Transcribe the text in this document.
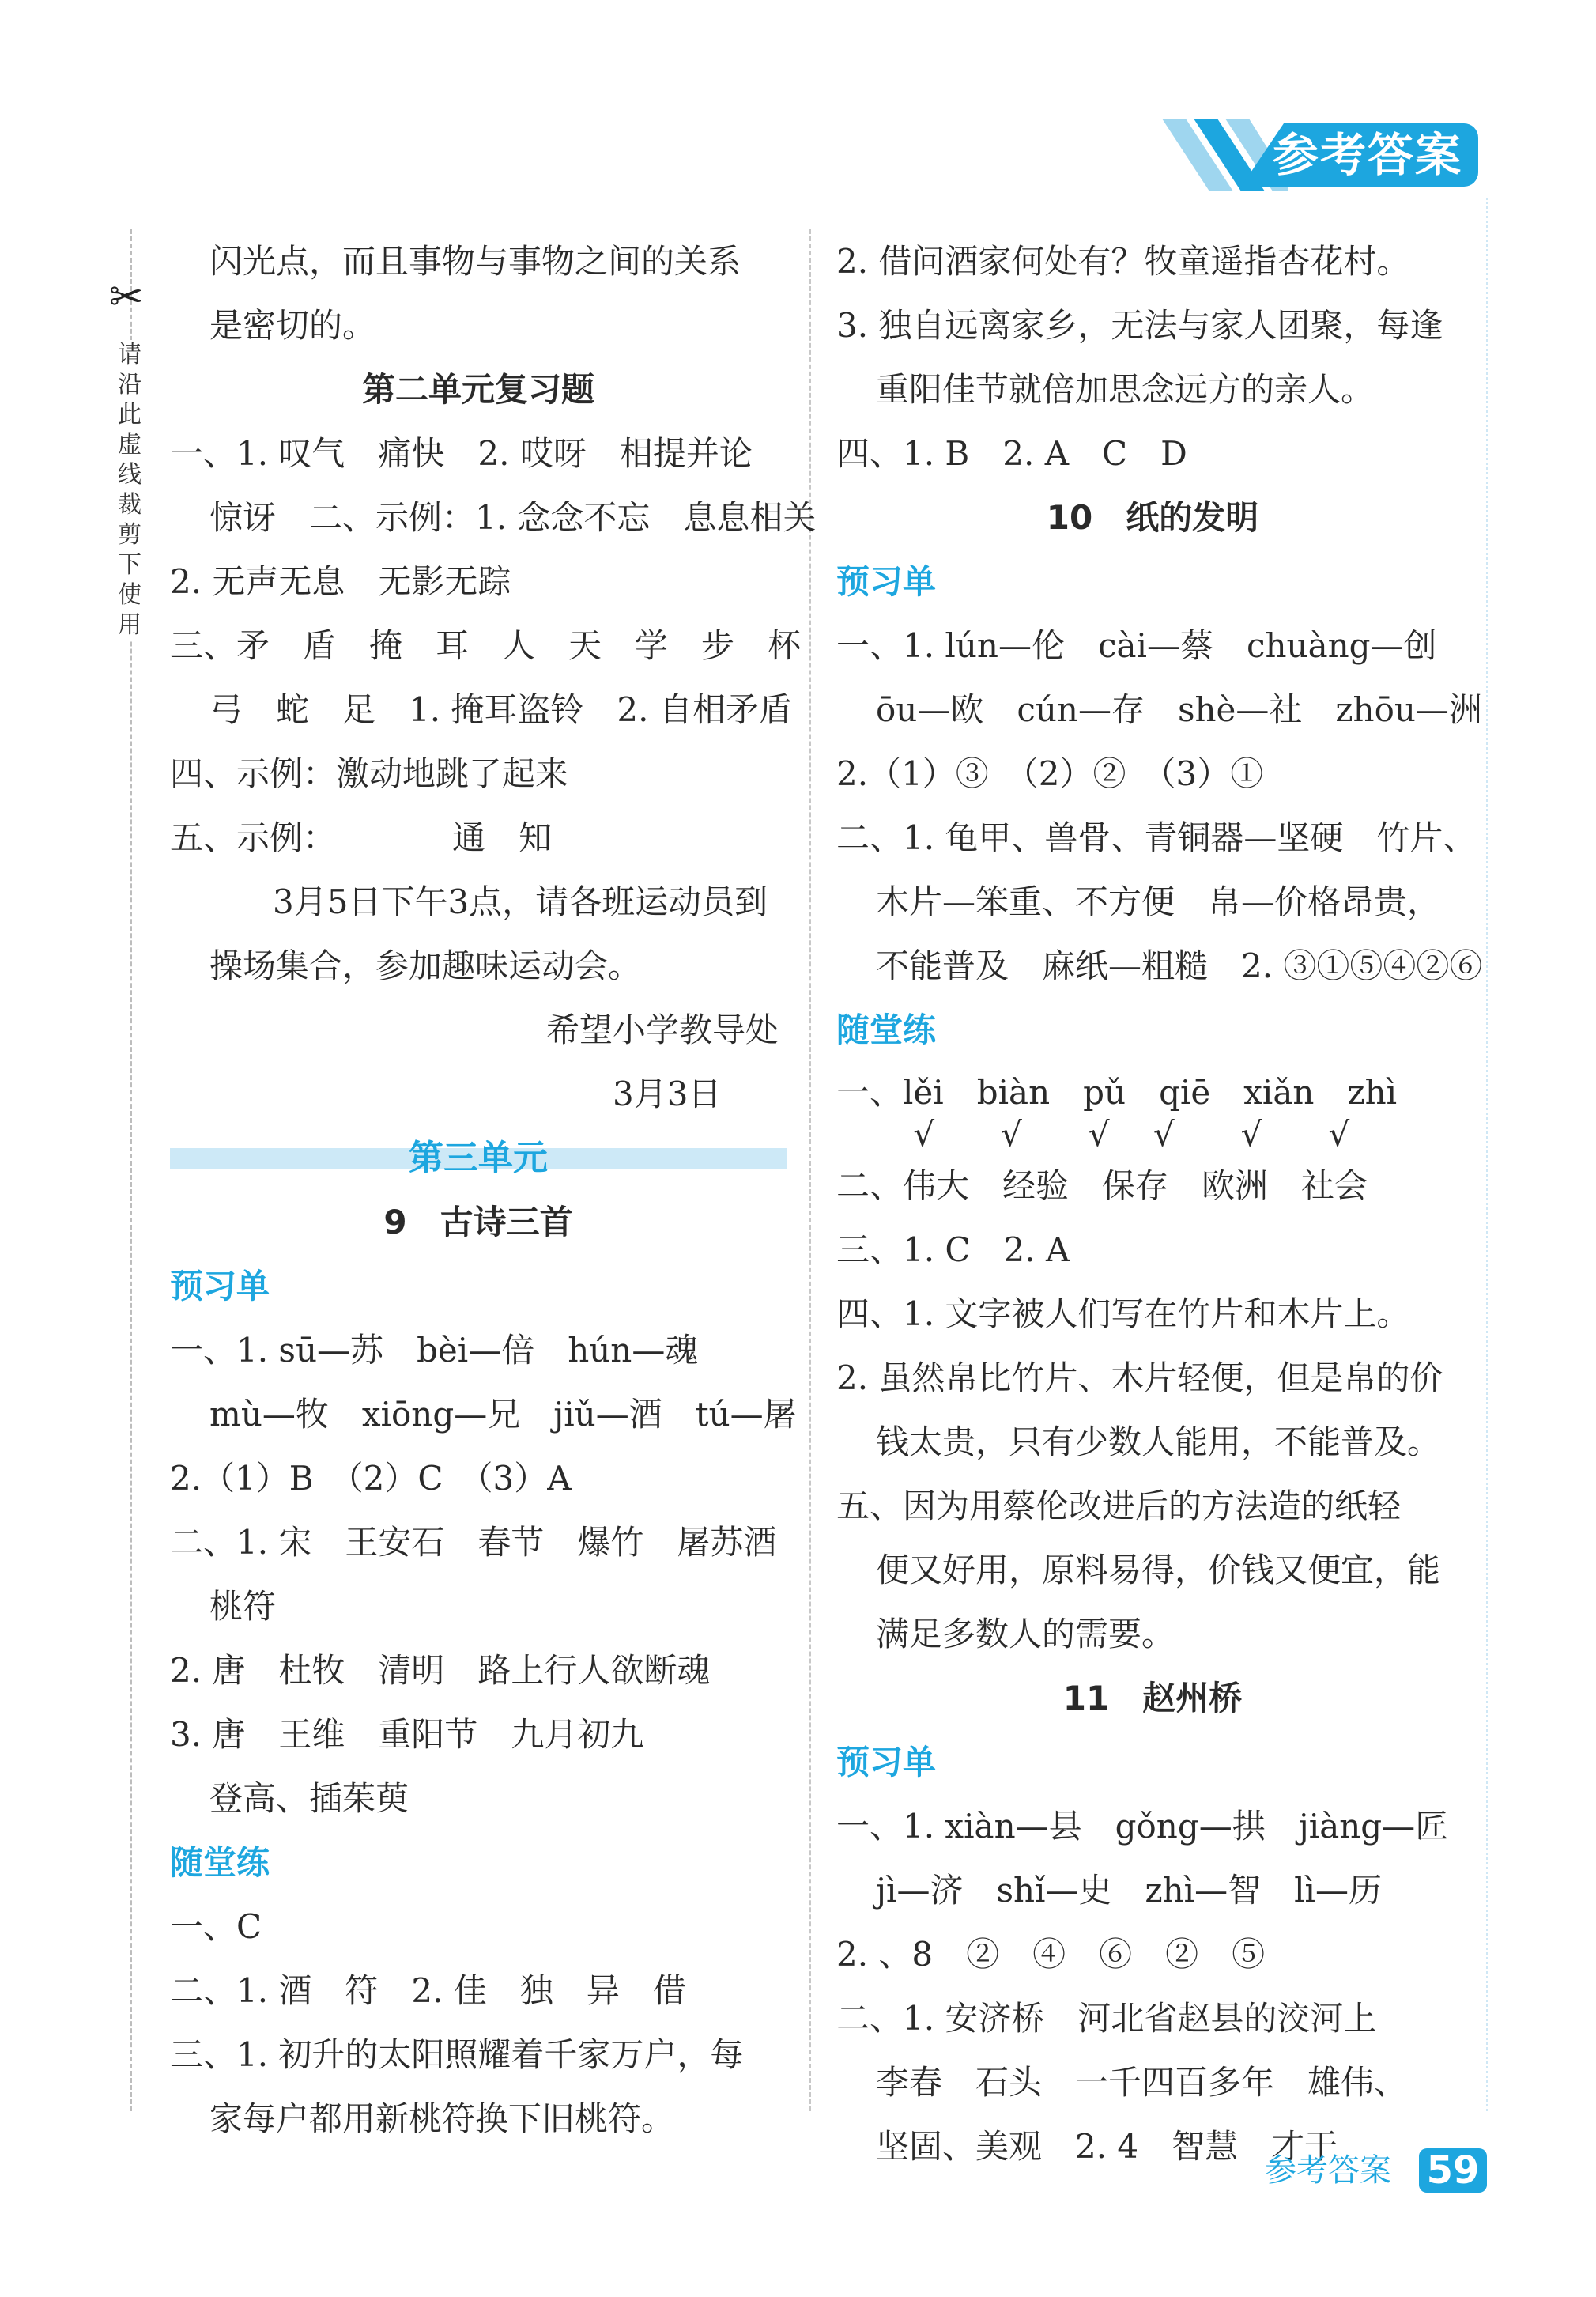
参考答案
✂
请沿此虚线裁剪下使用
闪光点，而且事物与事物之间的关系
是密切的。
第二单元复习题
一、1. 叹气　痛快　2. 哎呀　相提并论
惊讶　二、示例：1. 念念不忘　息息相关
2. 无声无息　无影无踪
三、矛　盾　掩　耳　人　天　学　步　杯
弓　蛇　足　1. 掩耳盗铃　2. 自相矛盾
四、示例：激动地跳了起来
五、示例：　　　　通　知
3月5日下午3点，请各班运动员到
操场集合，参加趣味运动会。
希望小学教导处
3月3日
第三单元
9　古诗三首
预习单
一、1. sū—苏　bèi—倍　hún—魂
mù—牧　xiōng—兄　jiǔ—酒　tú—屠
2.（1）B　（2）C　（3）A
二、1. 宋　王安石　春节　爆竹　屠苏酒
桃符
2. 唐　杜牧　清明　路上行人欲断魂
3. 唐　王维　重阳节　九月初九
登高、插茱萸
随堂练
一、C
二、1. 酒　符　2. 佳　独　异　借
三、1. 初升的太阳照耀着千家万户，每
家每户都用新桃符换下旧桃符。
2. 借问酒家何处有？牧童遥指杏花村。
3. 独自远离家乡，无法与家人团聚，每逢
重阳佳节就倍加思念远方的亲人。
四、1. B　2. A　C　D
10　纸的发明
预习单
一、1. lún—伦　cài—蔡　chuàng—创
ōu—欧　cún—存　shè—社　zhōu—洲
2.（1）③　（2）②　（3）①
二、1. 龟甲、兽骨、青铜器—坚硬　竹片、
木片—笨重、不方便　帛—价格昂贵，
不能普及　麻纸—粗糙　2. ③①⑤④②⑥
随堂练
一、lěi　biàn　pǔ　qiē　xiǎn　zhì
　　 √　　√　　√　 √　　√　　√
二、伟大　经验　保存　欧洲　社会
三、1. C　2. A
四、1. 文字被人们写在竹片和木片上。
2. 虽然帛比竹片、木片轻便，但是帛的价
钱太贵，只有少数人能用，不能普及。
五、因为用蔡伦改进后的方法造的纸轻
便又好用，原料易得，价钱又便宜，能
满足多数人的需要。
11　赵州桥
预习单
一、1. xiàn—县　gǒng—拱　jiàng—匠
jì—济　shǐ—史　zhì—智　lì—历
2. 、8　②　④　⑥　②　⑤
二、1. 安济桥　河北省赵县的洨河上
李春　石头　一千四百多年　雄伟、
坚固、美观　2. 4　智慧　才干
参考答案 59
